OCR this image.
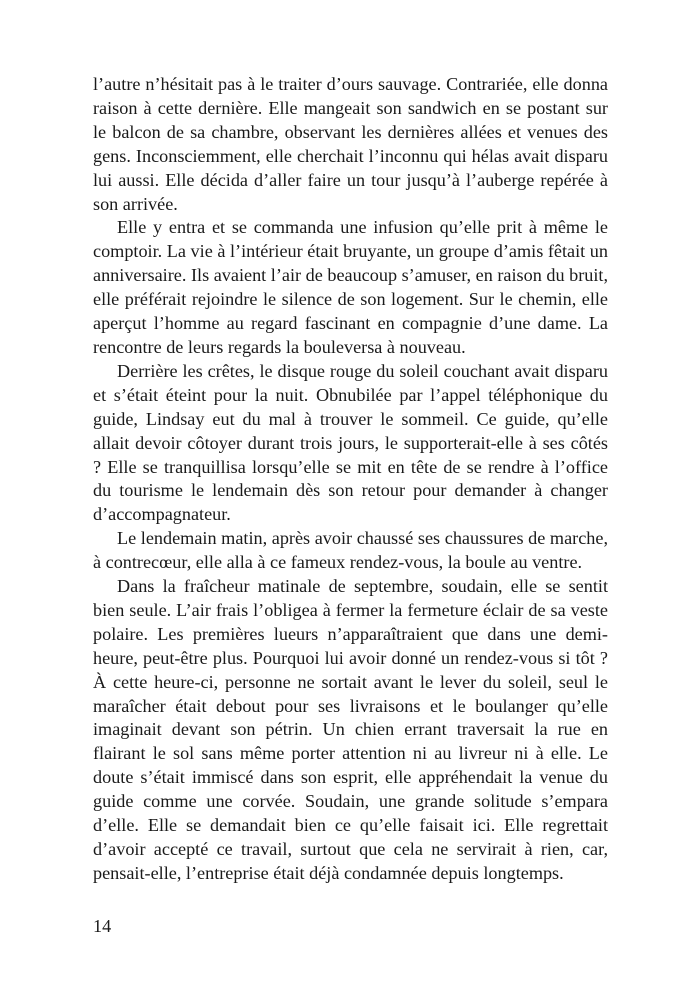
l’autre n’hésitait pas à le traiter d’ours sauvage. Contrariée, elle donna raison à cette dernière. Elle mangeait son sandwich en se postant sur le balcon de sa chambre, observant les dernières allées et venues des gens. Inconsciemment, elle cherchait l’inconnu qui hélas avait disparu lui aussi. Elle décida d’aller faire un tour jusqu’à l’auberge repérée à son arrivée.

Elle y entra et se commanda une infusion qu’elle prit à même le comptoir. La vie à l’intérieur était bruyante, un groupe d’amis fêtait un anniversaire. Ils avaient l’air de beaucoup s’amuser, en raison du bruit, elle préférait rejoindre le silence de son logement. Sur le chemin, elle aperçut l’homme au regard fascinant en compagnie d’une dame. La rencontre de leurs regards la bouleversa à nouveau.

Derrière les crêtes, le disque rouge du soleil couchant avait disparu et s’était éteint pour la nuit. Obnubilée par l’appel téléphonique du guide, Lindsay eut du mal à trouver le sommeil. Ce guide, qu’elle allait devoir côtoyer durant trois jours, le supporterait-elle à ses côtés ? Elle se tranquillisa lorsqu’elle se mit en tête de se rendre à l’office du tourisme le lendemain dès son retour pour demander à changer d’accompagnateur.

Le lendemain matin, après avoir chaussé ses chaussures de marche, à contrecœur, elle alla à ce fameux rendez-vous, la boule au ventre.

Dans la fraîcheur matinale de septembre, soudain, elle se sentit bien seule. L’air frais l’obligea à fermer la fermeture éclair de sa veste polaire. Les premières lueurs n’apparaîtraient que dans une demi-heure, peut-être plus. Pourquoi lui avoir donné un rendez-vous si tôt ? À cette heure-ci, personne ne sortait avant le lever du soleil, seul le maraîcher était debout pour ses livraisons et le boulanger qu’elle imaginait devant son pétrin. Un chien errant traversait la rue en flairant le sol sans même porter attention ni au livreur ni à elle. Le doute s’était immiscé dans son esprit, elle appréhendait la venue du guide comme une corvée. Soudain, une grande solitude s’empara d’elle. Elle se demandait bien ce qu’elle faisait ici. Elle regrettait d’avoir accepté ce travail, surtout que cela ne servirait à rien, car, pensait-elle, l’entreprise était déjà condamnée depuis longtemps.

14
